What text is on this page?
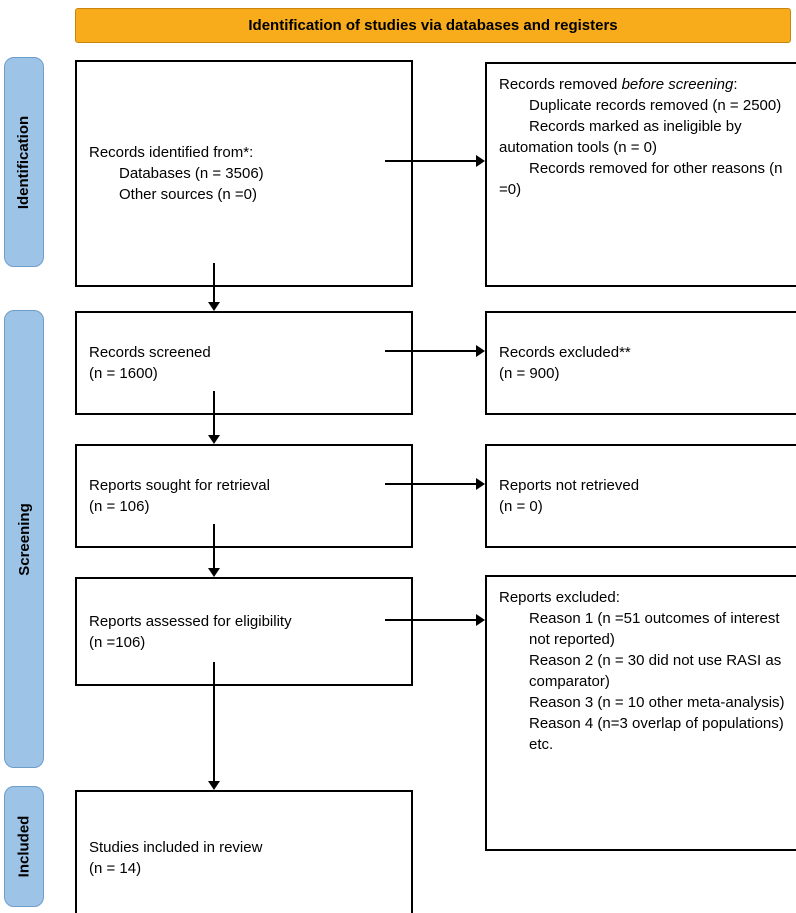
Identification of studies via databases and registers
Identification
Screening
Included
Records identified from*:
Databases (n = 3506)
Other sources (n =0)
Records removed before screening:
Duplicate records removed (n = 2500)
Records marked as ineligible by automation tools (n = 0)
Records removed for other reasons (n =0)
Records screened
(n = 1600)
Records excluded**
(n = 900)
Reports sought for retrieval
(n = 106)
Reports not retrieved
(n = 0)
Reports assessed for eligibility
(n =106)
Reports excluded:
Reason 1 (n =51 outcomes of interest not reported)
Reason 2 (n = 30 did not use RASI as comparator)
Reason 3 (n = 10 other meta-analysis)
Reason 4 (n=3 overlap of populations)
etc.
Studies included in review
(n = 14)
